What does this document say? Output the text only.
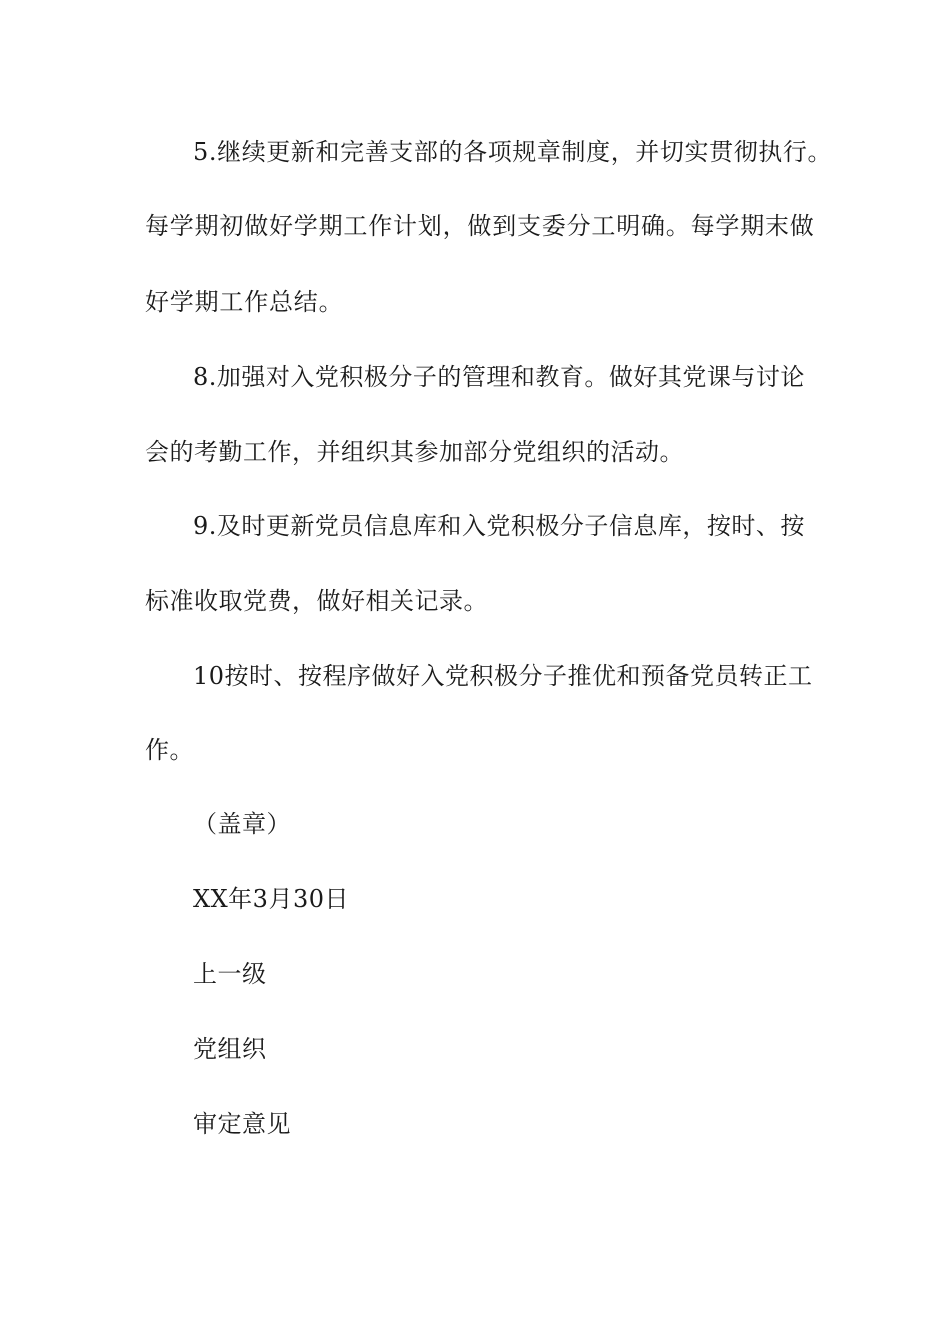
5.继续更新和完善支部的各项规章制度，并切实贯彻执行。
每学期初做好学期工作计划，做到支委分工明确。每学期末做
好学期工作总结。
8.加强对入党积极分子的管理和教育。做好其党课与讨论
会的考勤工作，并组织其参加部分党组织的活动。
9.及时更新党员信息库和入党积极分子信息库，按时、按
标准收取党费，做好相关记录。
10按时、按程序做好入党积极分子推优和预备党员转正工
作。
（盖章）
XX年3月30日
上一级
党组织
审定意见
